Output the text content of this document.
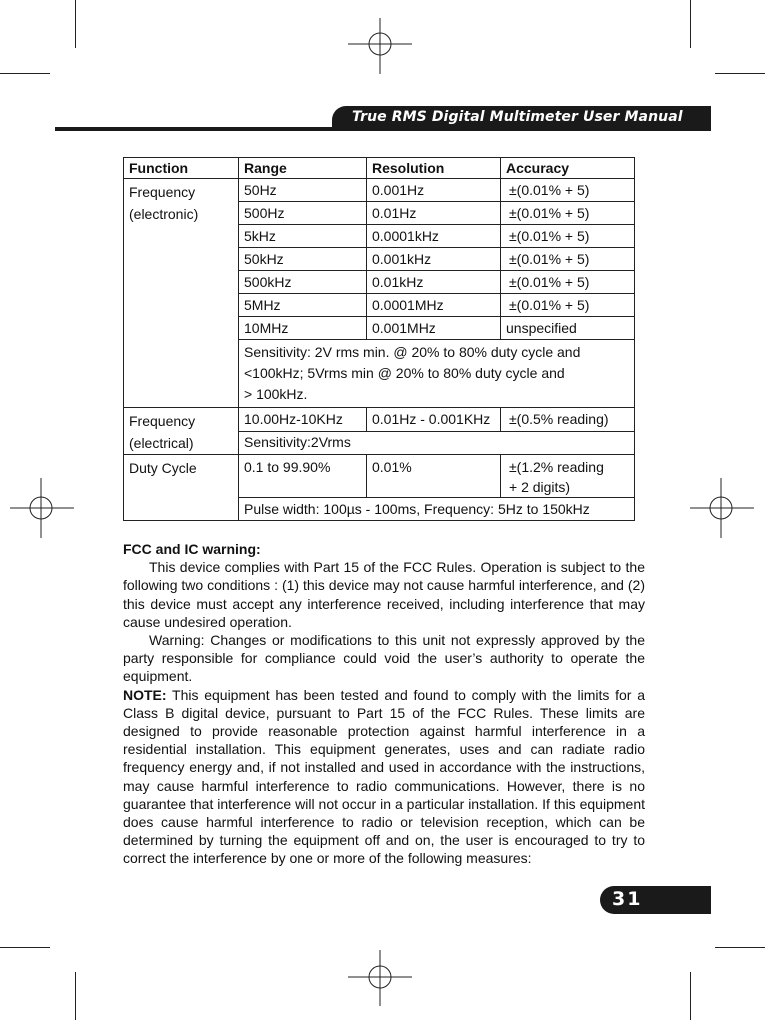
True RMS Digital Multimeter User Manual
Function	Range	Resolution	Accuracy

Frequency
(electronic)	50Hz	0.001Hz	±(0.01% + 5)
	500Hz	0.01Hz	±(0.01% + 5)
	5kHz	0.0001kHz	±(0.01% + 5)
	50kHz	0.001kHz	±(0.01% + 5)
	500kHz	0.01kHz	±(0.01% + 5)
	5MHz	0.0001MHz	±(0.01% + 5)
	10MHz	0.001MHz	unspecified

	Sensitivity: 2V rms min. @ 20% to 80% duty cycle and
<100kHz; 5Vrms min @ 20% to 80% duty cycle and
> 100kHz.		

Frequency
(electrical)	10.00Hz-10KHz	0.01Hz - 0.001KHz	±(0.5% reading)
	Sensitivity:2Vrms		

Duty Cycle	0.1 to 99.90%	0.01%	±(1.2% reading
+ 2 digits)

	Pulse width: 100µs - 100ms, Frequency: 5Hz to 150kHz		

FCC and IC warning:

This device complies with Part 15 of the FCC Rules. Operation is subject to the following two conditions : (1) this device may not cause harmful interference, and (2) this device must accept any interference received, including interference that may cause undesired operation.

Warning: Changes or modifications to this unit not expressly approved by the party responsible for compliance could void the user’s authority to operate the equipment.

NOTE: This equipment has been tested and found to comply with the limits for a Class B digital device, pursuant to Part 15 of the FCC Rules. These limits are designed to provide reasonable protection against harmful interference in a residential installation. This equipment generates, uses and can radiate radio frequency energy and, if not installed and used in accordance with the instructions, may cause harmful interference to radio communications. However, there is no guarantee that interference will not occur in a particular installation. If this equipment does cause harmful interference to radio or television reception, which can be determined by turning the equipment off and on, the user is encouraged to try to correct the interference by one or more of the following measures:

31
